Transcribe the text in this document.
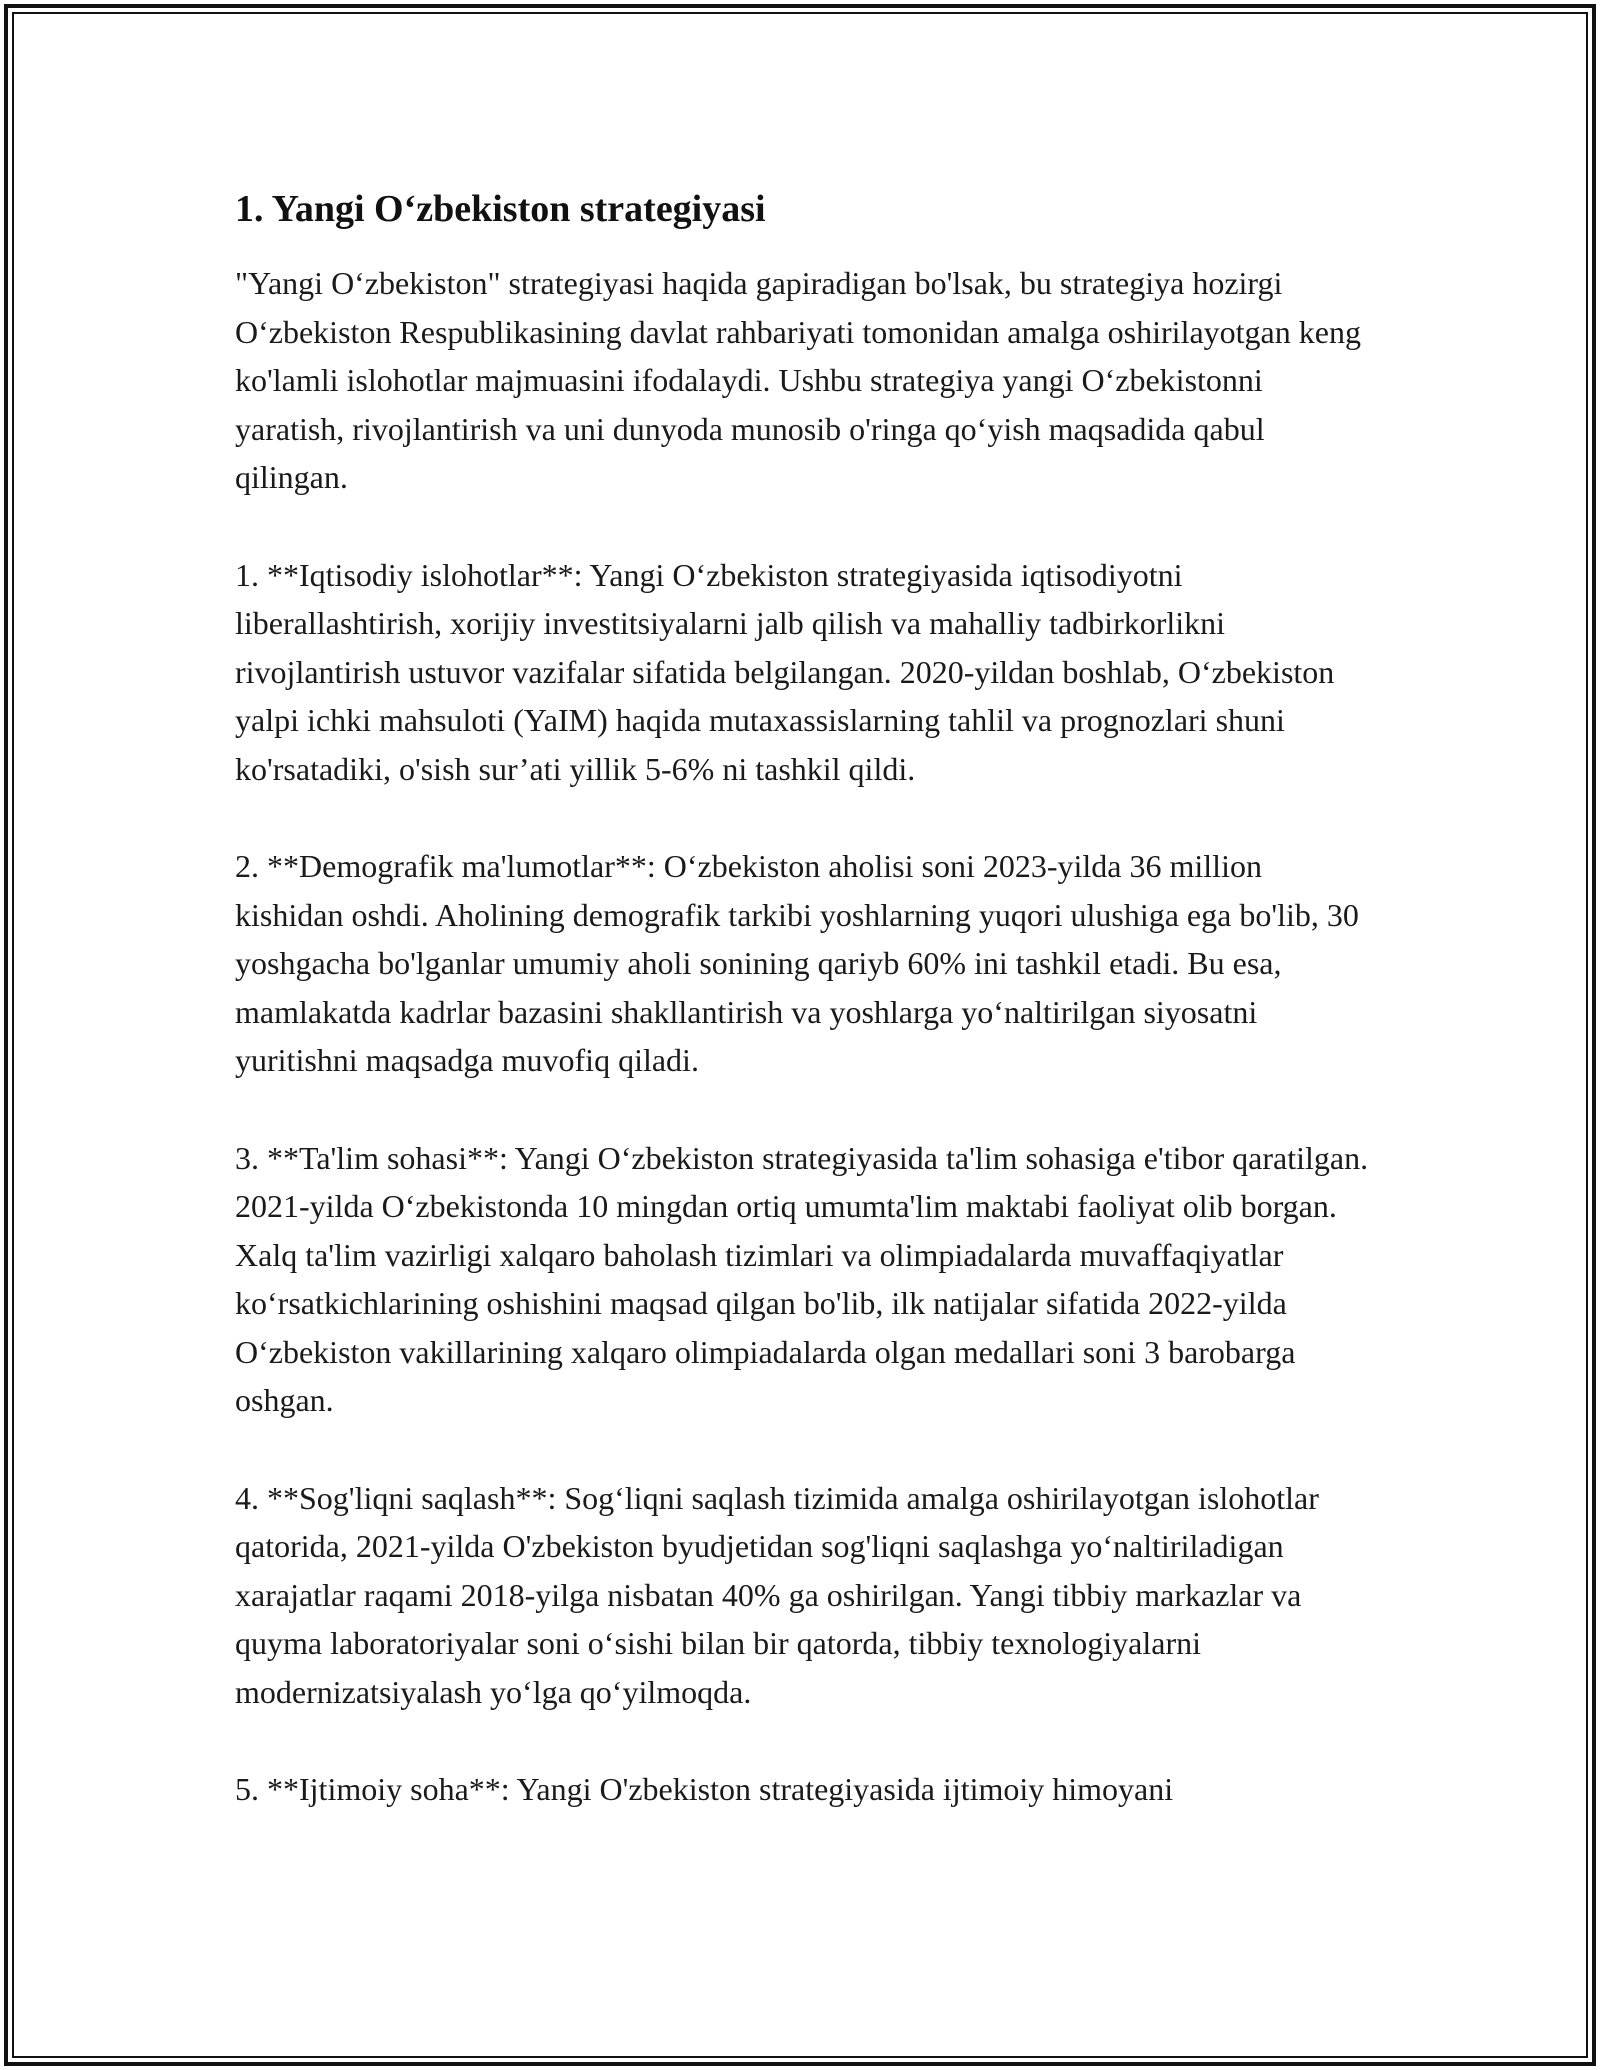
1. Yangi O‘zbekiston strategiyasi

"Yangi O‘zbekiston" strategiyasi haqida gapiradigan bo'lsak, bu strategiya hozirgi O‘zbekiston Respublikasining davlat rahbariyati tomonidan amalga oshirilayotgan keng ko'lamli islohotlar majmuasini ifodalaydi. Ushbu strategiya yangi O‘zbekistonni yaratish, rivojlantirish va uni dunyoda munosib o'ringa qo‘yish maqsadida qabul qilingan.

1. **Iqtisodiy islohotlar**: Yangi O‘zbekiston strategiyasida iqtisodiyotni liberallashtirish, xorijiy investitsiyalarni jalb qilish va mahalliy tadbirkorlikni rivojlantirish ustuvor vazifalar sifatida belgilangan. 2020-yildan boshlab, O‘zbekiston yalpi ichki mahsuloti (YaIM) haqida mutaxassislarning tahlil va prognozlari shuni ko'rsatadiki, o'sish sur’ati yillik 5-6% ni tashkil qildi.

2. **Demografik ma'lumotlar**: O‘zbekiston aholisi soni 2023-yilda 36 million kishidan oshdi. Aholining demografik tarkibi yoshlarning yuqori ulushiga ega bo'lib, 30 yoshgacha bo'lganlar umumiy aholi sonining qariyb 60% ini tashkil etadi. Bu esa, mamlakatda kadrlar bazasini shakllantirish va yoshlarga yo‘naltirilgan siyosatni yuritishni maqsadga muvofiq qiladi.

3. **Ta'lim sohasi**: Yangi O‘zbekiston strategiyasida ta'lim sohasiga e'tibor qaratilgan. 2021-yilda O‘zbekistonda 10 mingdan ortiq umumta'lim maktabi faoliyat olib borgan. Xalq ta'lim vazirligi xalqaro baholash tizimlari va olimpiadalarda muvaffaqiyatlar ko‘rsatkichlarining oshishini maqsad qilgan bo'lib, ilk natijalar sifatida 2022-yilda O‘zbekiston vakillarining xalqaro olimpiadalarda olgan medallari soni 3 barobarga oshgan.

4. **Sog'liqni saqlash**: Sog‘liqni saqlash tizimida amalga oshirilayotgan islohotlar qatorida, 2021-yilda O'zbekiston byudjetidan sog'liqni saqlashga yo‘naltiriladigan xarajatlar raqami 2018-yilga nisbatan 40% ga oshirilgan. Yangi tibbiy markazlar va quyma laboratoriyalar soni o‘sishi bilan bir qatorda, tibbiy texnologiyalarni modernizatsiyalash yo‘lga qo‘yilmoqda.

5. **Ijtimoiy soha**: Yangi O'zbekiston strategiyasida ijtimoiy himoyani
